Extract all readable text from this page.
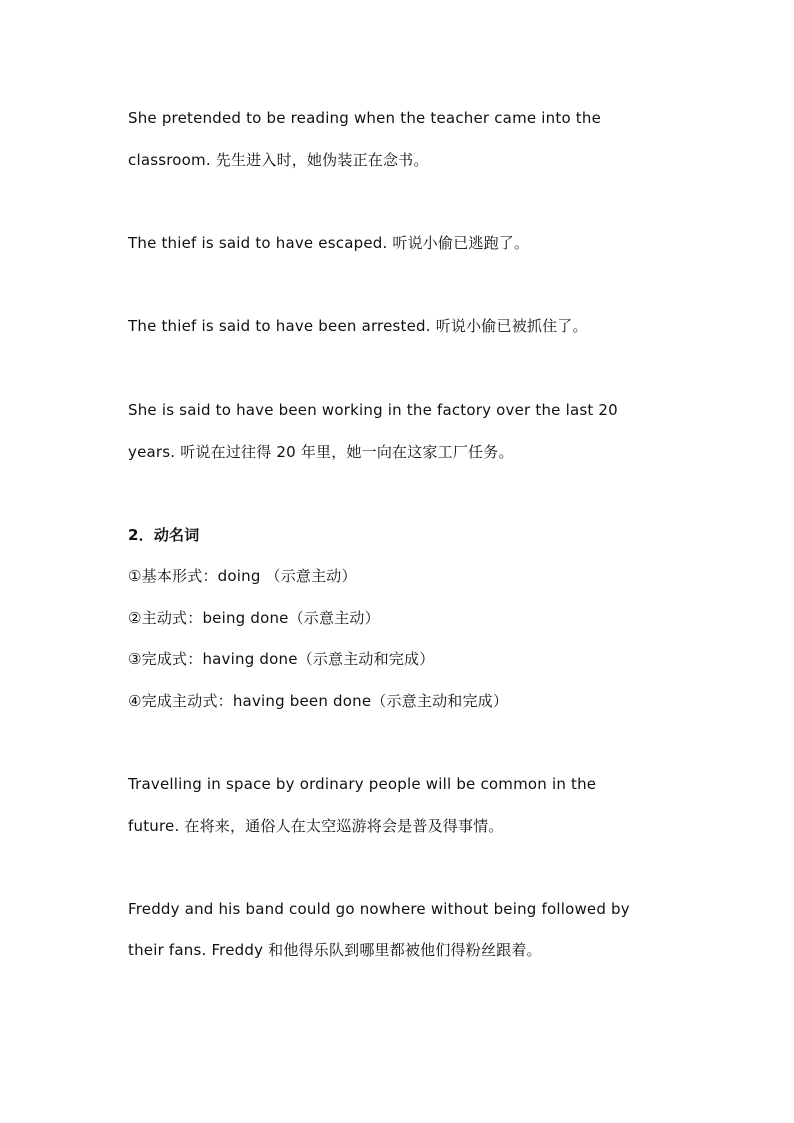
She pretended to be reading when the teacher came into the
classroom. 先生进入时，她伪装正在念书。
The thief is said to have escaped. 听说小偷已逃跑了。
The thief is said to have been arrested. 听说小偷已被抓住了。
She is said to have been working in the factory over the last 20
years. 听说在过往得 20 年里，她一向在这家工厂任务。
2．动名词
①基本形式：doing （示意主动）
②主动式：being done（示意主动）
③完成式：having done（示意主动和完成）
④完成主动式：having been done（示意主动和完成）
Travelling in space by ordinary people will be common in the
future. 在将来，通俗人在太空巡游将会是普及得事情。
Freddy and his band could go nowhere without being followed by
their fans. Freddy 和他得乐队到哪里都被他们得粉丝跟着。
